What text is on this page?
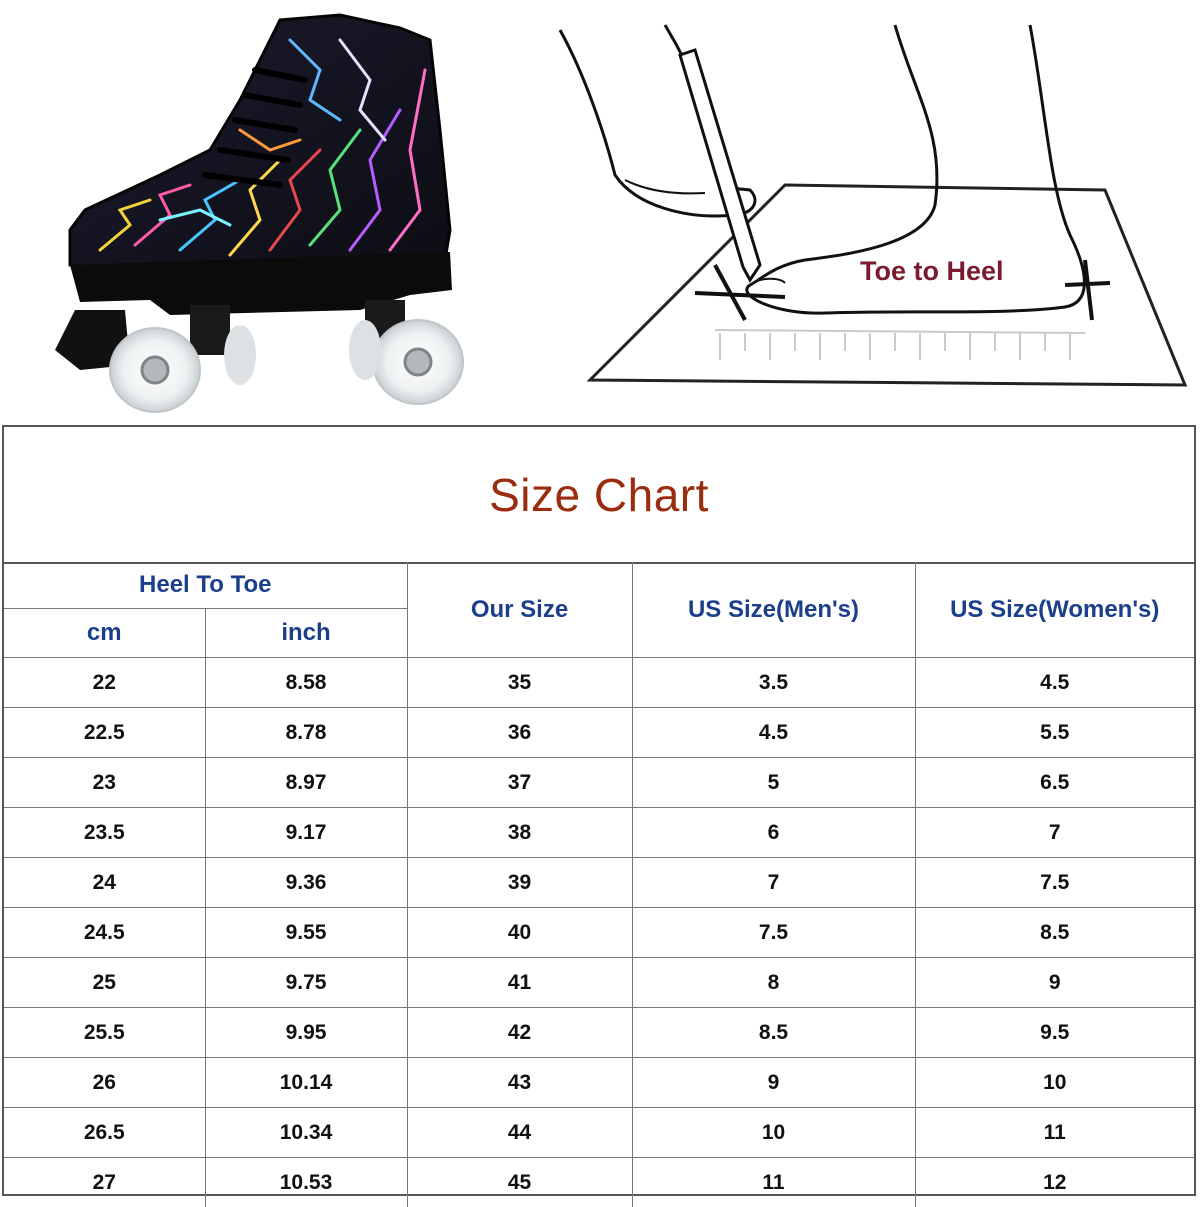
Toe to Heel
Size Chart
Heel To Toe		Our Size	US Size(Men's)	US Size(Women's)
cm	inch			
22	8.58	35	3.5	4.5
22.5	8.78	36	4.5	5.5
23	8.97	37	5	6.5
23.5	9.17	38	6	7
24	9.36	39	7	7.5
24.5	9.55	40	7.5	8.5
25	9.75	41	8	9
25.5	9.95	42	8.5	9.5
26	10.14	43	9	10
26.5	10.34	44	10	11
27	10.53	45	11	12
